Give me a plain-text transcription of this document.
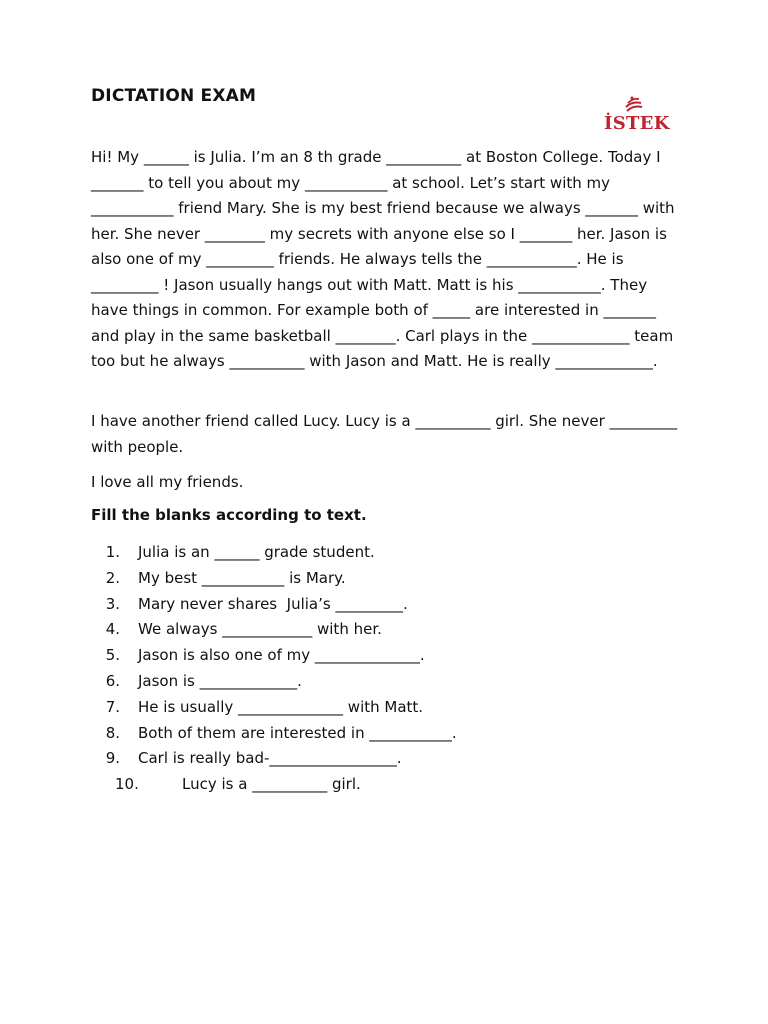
DICTATION EXAM
İSTEK

Hi! My ______ is Julia. I’m an 8 th grade __________ at Boston College. Today I _______ to tell you about my ___________ at school. Let’s start with my ___________ friend Mary. She is my best friend because we always _______ with her. She never ________ my secrets with anyone else so I _______ her. Jason is also one of my _________ friends. He always tells the ____________. He is _________ ! Jason usually hangs out with Matt. Matt is his ___________. They have things in common. For example both of _____ are interested in _______ and play in the same basketball ________. Carl plays in the _____________ team too but he always __________ with Jason and Matt. He is really _____________.

I have another friend called Lucy. Lucy is a __________ girl. She never _________ with people.

I love all my friends.

Fill the blanks according to text.
1. Julia is an ______ grade student.
2. My best ___________ is Mary.
3. Mary never shares  Julia’s _________.
4. We always ____________ with her.
5. Jason is also one of my ______________.
6. Jason is _____________.
7. He is usually ______________ with Matt.
8. Both of them are interested in ___________.
9. Carl is really bad-_________________.
10.	Lucy is a __________ girl.
